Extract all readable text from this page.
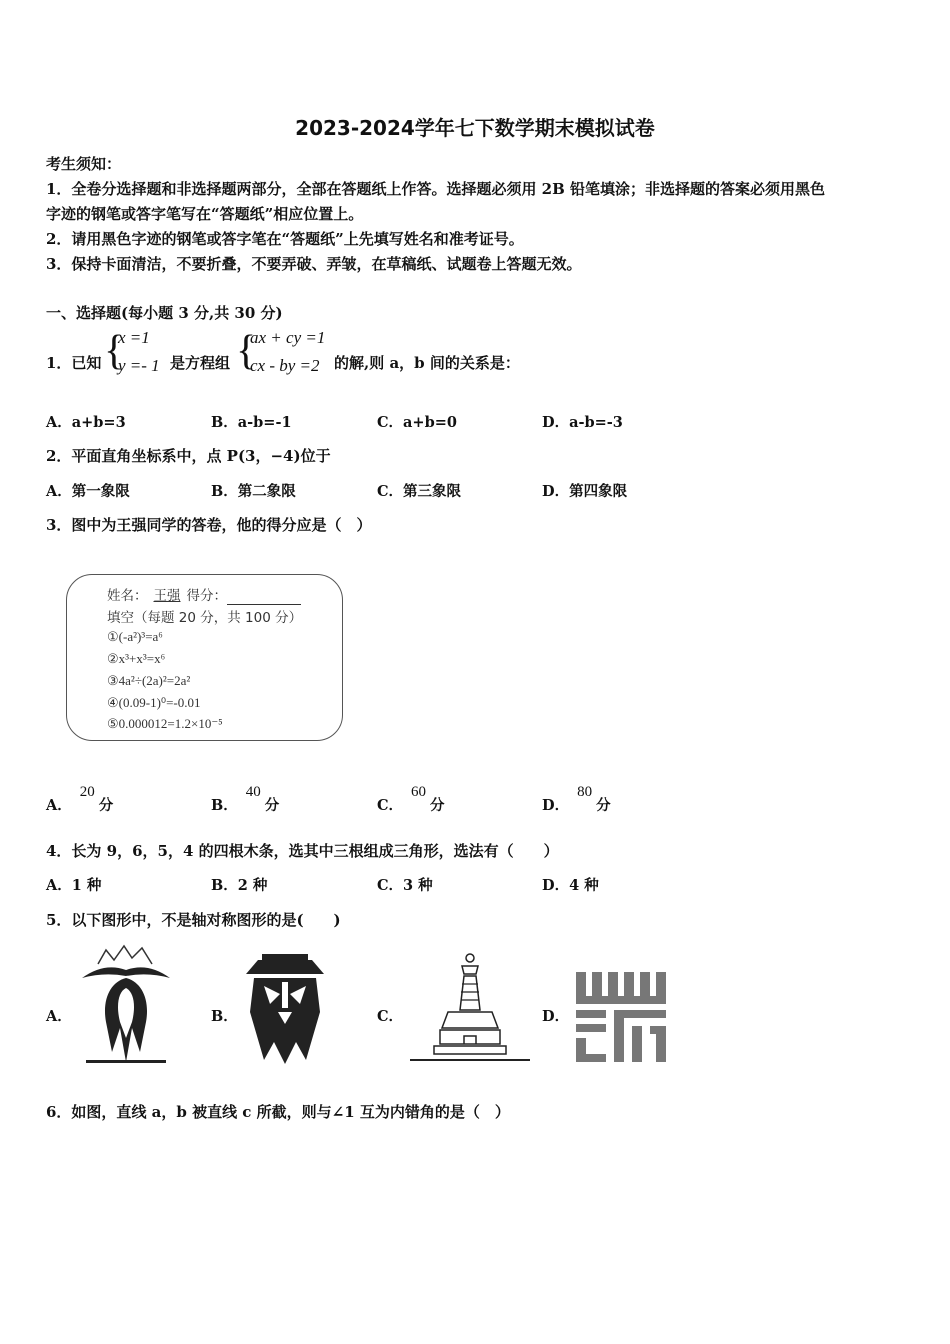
2023-2024学年七下数学期末模拟试卷
考生须知：
1．全卷分选择题和非选择题两部分，全部在答题纸上作答。选择题必须用 2B 铅笔填涂；非选择题的答案必须用黑色
字迹的钢笔或答字笔写在“答题纸”相应位置上。
2．请用黑色字迹的钢笔或答字笔在“答题纸”上先填写姓名和准考证号。
3．保持卡面清洁，不要折叠，不要弄破、弄皱，在草稿纸、试题卷上答题无效。
一、选择题(每小题 3 分,共 30 分)
1．已知 {
x =1
y =- 1 是方程组 {
ax + cy =1
cx - by =2 的解,则 a，b 间的关系是：
A．a+b=3	B．a-b=-1	C．a+b=0	D．a-b=-3
2．平面直角坐标系中，点 P(3，−4)位于
A．第一象限	B．第二象限	C．第三象限	D．第四象限
3．图中为王强同学的答卷，他的得分应是（　）
姓名： 王强 得分：
填空（每题 20 分，共 100 分）
①(-a²)³=a⁶
②x³+x³=x⁶
③4a²÷(2a)²=2a²
④(0.09-1)⁰=-0.01
⑤0.000012=1.2×10⁻⁵
A．20分	B．40分	C．60分	D．80分
4．长为 9，6，5，4 的四根木条，选其中三根组成三角形，选法有（　　）
A．1 种	B．2 种	C．3 种	D．4 种
5．以下图形中，不是轴对称图形的是(　　)
A．	B．	C．	D．
6．如图，直线 a，b 被直线 c 所截，则与∠1 互为内错角的是（　）
